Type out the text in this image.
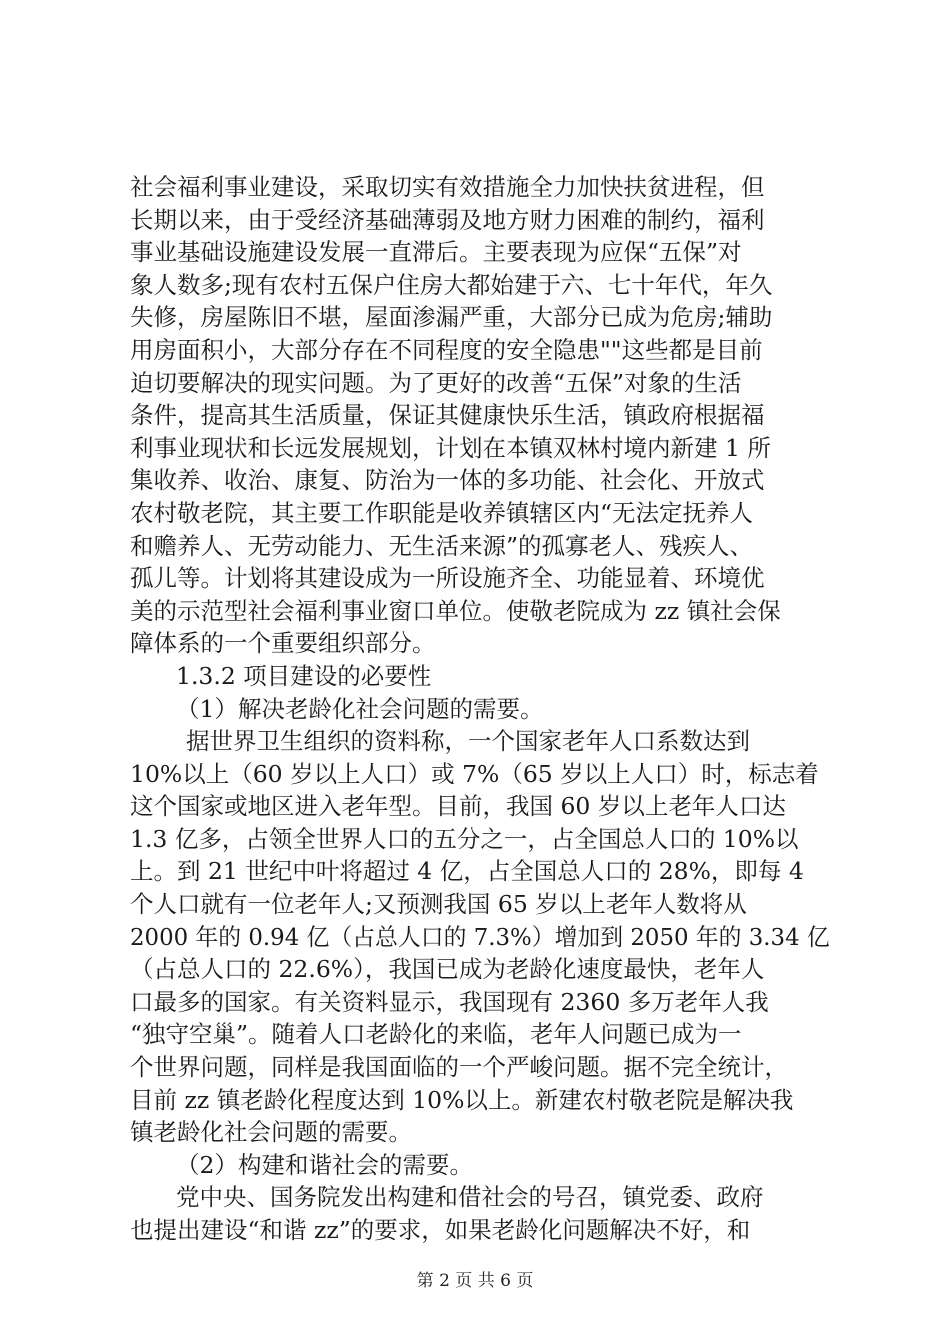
社会福利事业建设，采取切实有效措施全力加快扶贫进程，但
长期以来，由于受经济基础薄弱及地方财力困难的制约，福利
事业基础设施建设发展一直滞后。主要表现为应保“五保”对
象人数多;现有农村五保户住房大都始建于六、七十年代，年久
失修，房屋陈旧不堪，屋面渗漏严重，大部分已成为危房;辅助
用房面积小，大部分存在不同程度的安全隐患""这些都是目前
迫切要解决的现实问题。为了更好的改善“五保”对象的生活
条件，提高其生活质量，保证其健康快乐生活，镇政府根据福
利事业现状和长远发展规划，计划在本镇双林村境内新建 1 所
集收养、收治、康复、防治为一体的多功能、社会化、开放式
农村敬老院，其主要工作职能是收养镇辖区内“无法定抚养人
和赡养人、无劳动能力、无生活来源”的孤寡老人、残疾人、
孤儿等。计划将其建设成为一所设施齐全、功能显着、环境优
美的示范型社会福利事业窗口单位。使敬老院成为 zz 镇社会保
障体系的一个重要组织部分。
1.3.2 项目建设的必要性
（1）解决老龄化社会问题的需要。
据世界卫生组织的资料称，一个国家老年人口系数达到
10%以上（60 岁以上人口）或 7%（65 岁以上人口）时，标志着
这个国家或地区进入老年型。目前，我国 60 岁以上老年人口达
1.3 亿多，占领全世界人口的五分之一，占全国总人口的 10%以
上。到 21 世纪中叶将超过 4 亿，占全国总人口的 28%，即每 4
个人口就有一位老年人;又预测我国 65 岁以上老年人数将从
2000 年的 0.94 亿（占总人口的 7.3%）增加到 2050 年的 3.34 亿
（占总人口的 22.6%），我国已成为老龄化速度最快，老年人
口最多的国家。有关资料显示，我国现有 2360 多万老年人我
“独守空巢”。随着人口老龄化的来临，老年人问题已成为一
个世界问题，同样是我国面临的一个严峻问题。据不完全统计，
目前 zz 镇老龄化程度达到 10%以上。新建农村敬老院是解决我
镇老龄化社会问题的需要。
（2）构建和谐社会的需要。
党中央、国务院发出构建和借社会的号召，镇党委、政府
也提出建设“和谐 zz”的要求，如果老龄化问题解决不好，和
第 2 页 共 6 页
